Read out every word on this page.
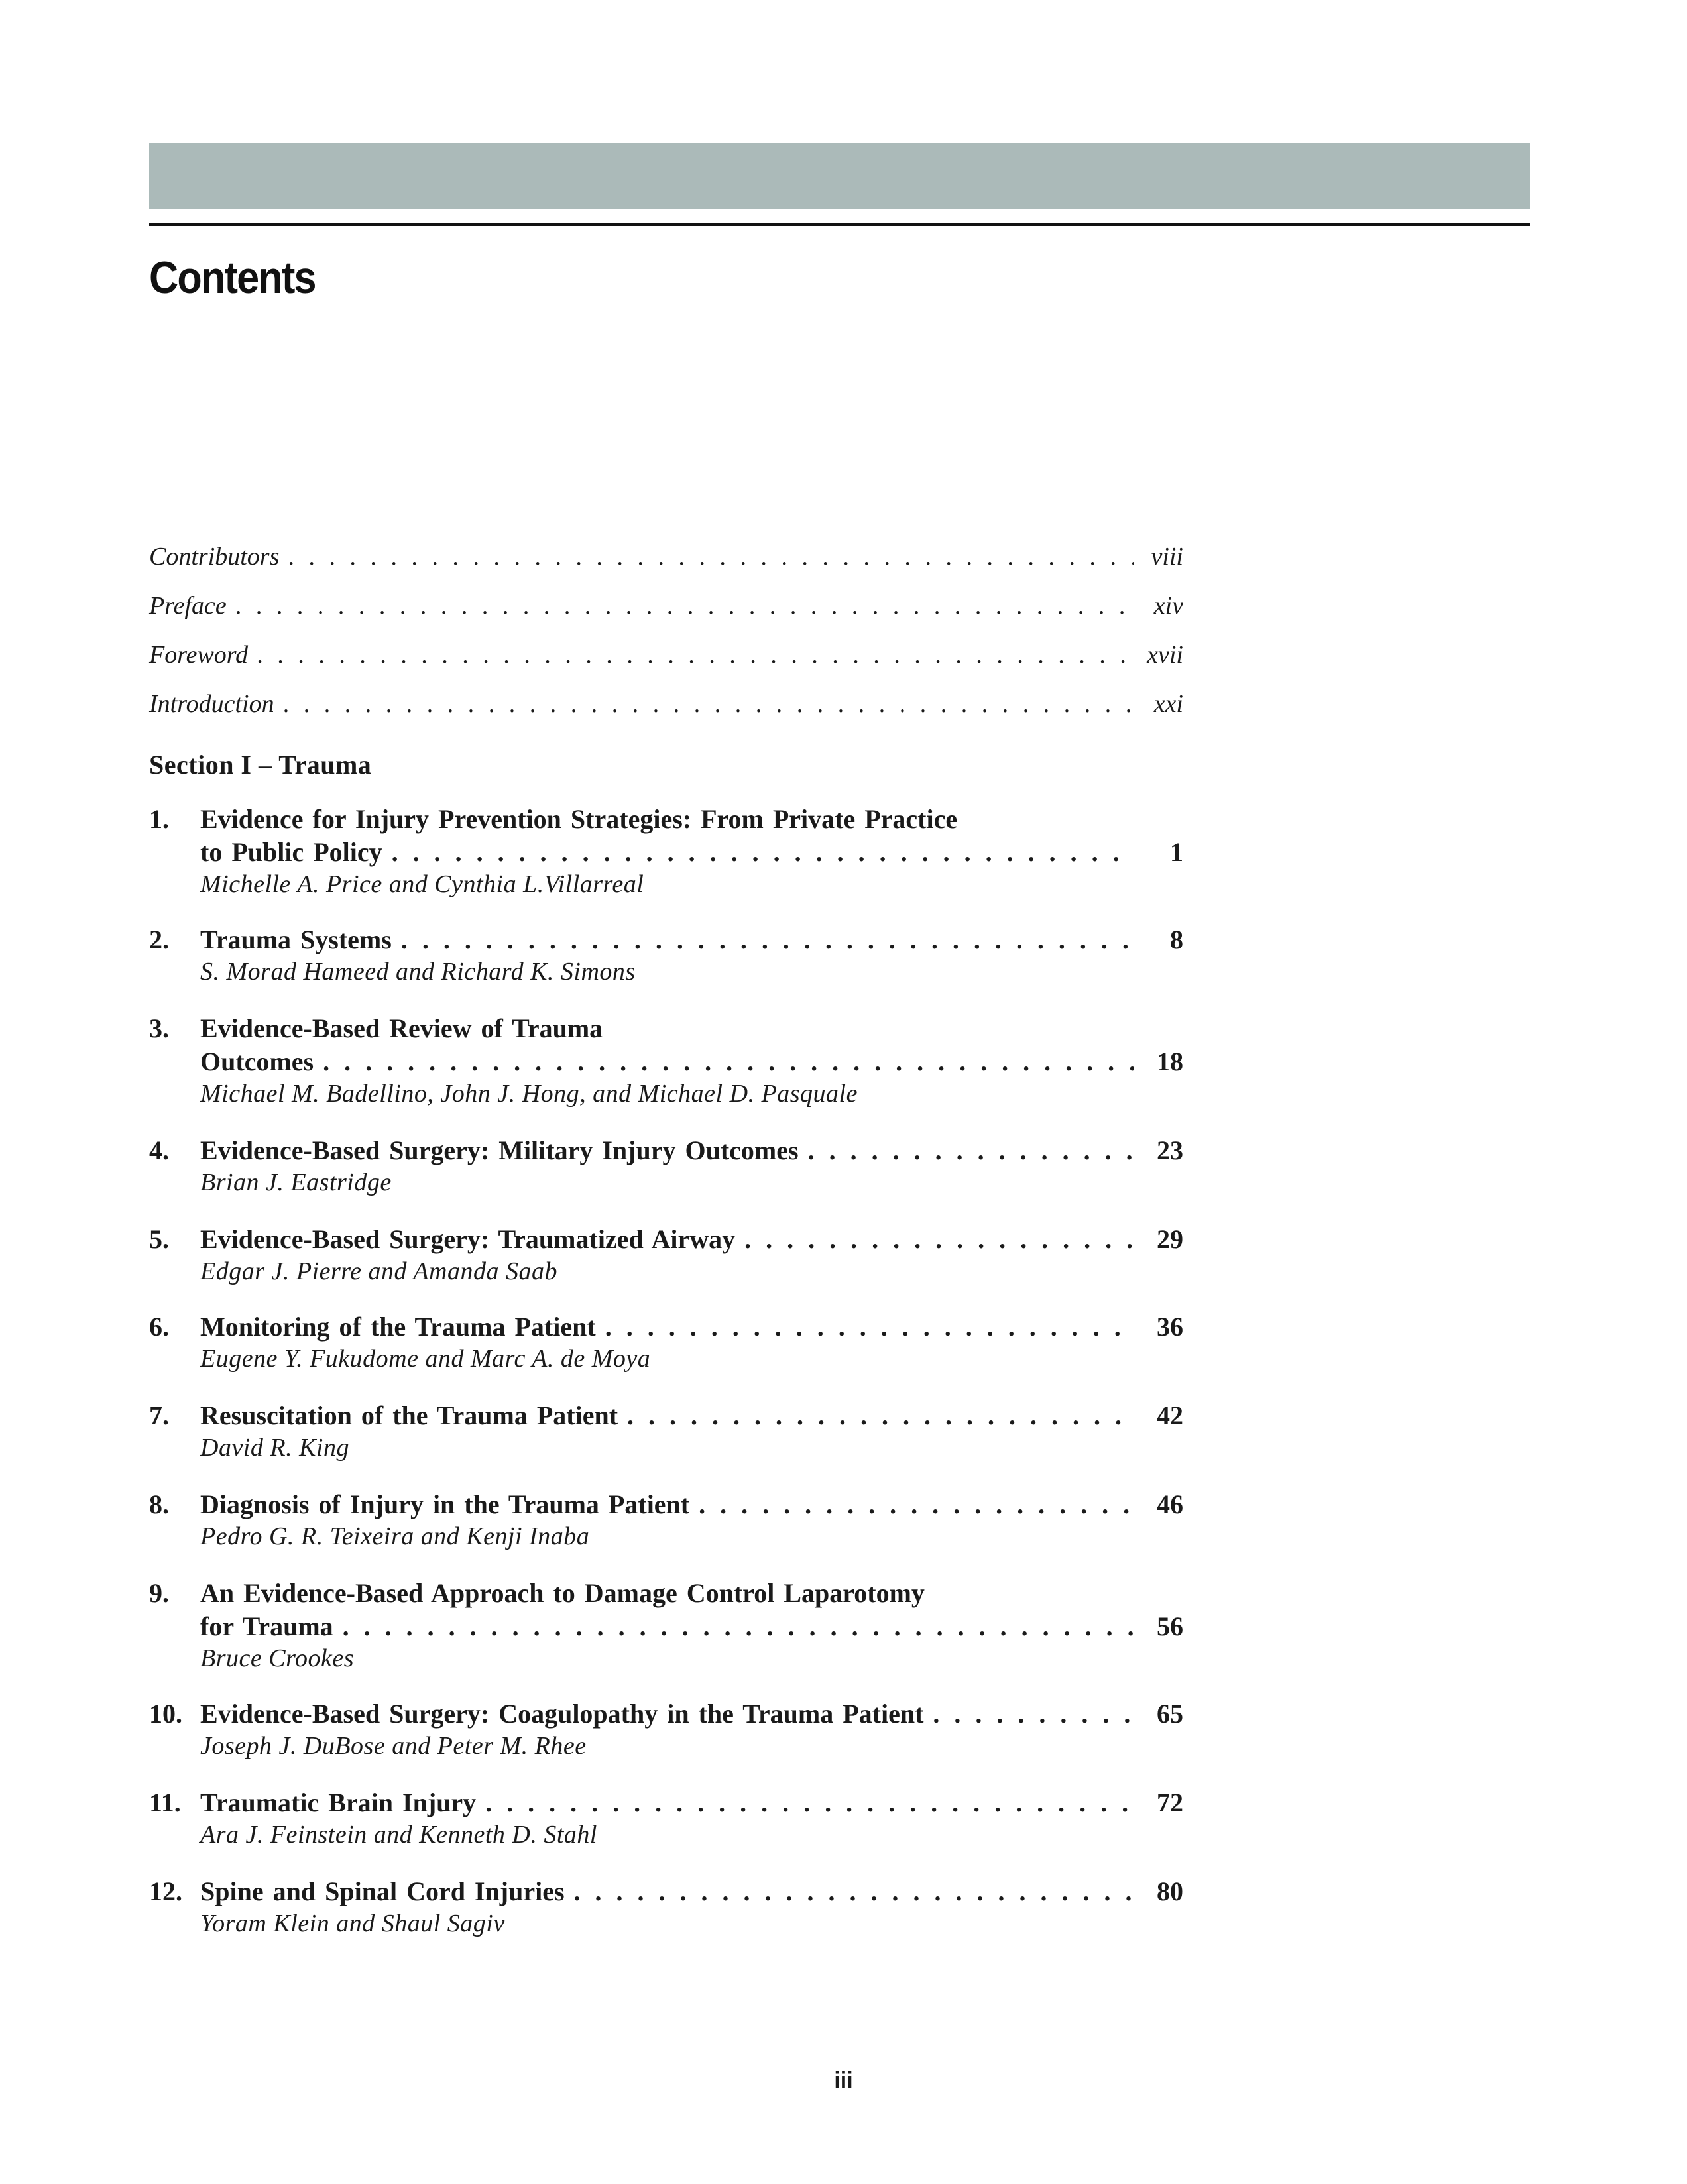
Contents
Contributors . . .	viii
Preface . . .	xiv
Foreword . . .	xvii
Introduction . . .	xxi
Section I – Trauma
1. Evidence for Injury Prevention Strategies: From Private Practice
to Public Policy . . .	1
Michelle A. Price and Cynthia L.Villarreal
2. Trauma Systems . . .	8
S. Morad Hameed and Richard K. Simons
3. Evidence-Based Review of Trauma
Outcomes . . .	18
Michael M. Badellino, John J. Hong, and Michael D. Pasquale
4. Evidence-Based Surgery: Military Injury Outcomes . . .	23
Brian J. Eastridge
5. Evidence-Based Surgery: Traumatized Airway . . .	29
Edgar J. Pierre and Amanda Saab
6. Monitoring of the Trauma Patient . . .	36
Eugene Y. Fukudome and Marc A. de Moya
7. Resuscitation of the Trauma Patient . . .	42
David R. King
8. Diagnosis of Injury in the Trauma Patient . . .	46
Pedro G. R. Teixeira and Kenji Inaba
9. An Evidence-Based Approach to Damage Control Laparotomy
for Trauma . . .	56
Bruce Crookes
10. Evidence-Based Surgery: Coagulopathy in the Trauma Patient . . .	65
Joseph J. DuBose and Peter M. Rhee
11. Traumatic Brain Injury . . .	72
Ara J. Feinstein and Kenneth D. Stahl
12. Spine and Spinal Cord Injuries . . .	80
Yoram Klein and Shaul Sagiv
iii
